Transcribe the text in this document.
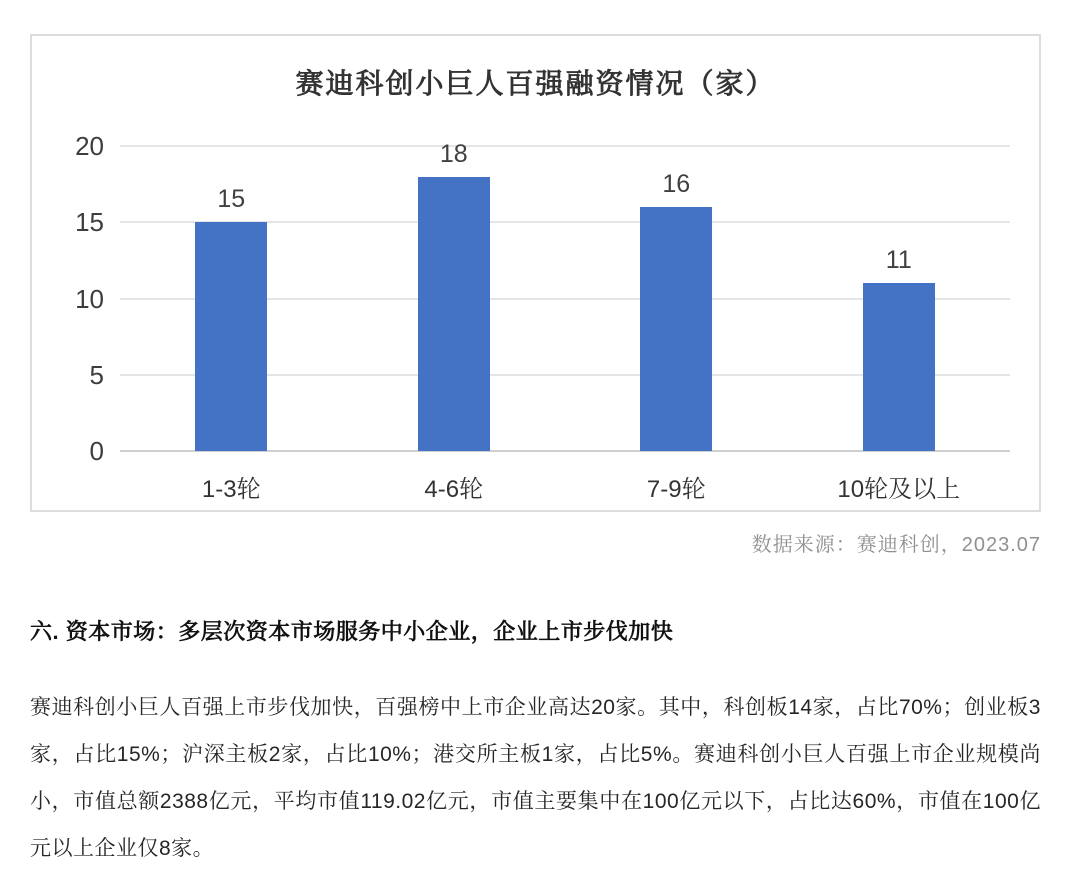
赛迪科创小巨人百强融资情况（家）
0
5
10
15
20
15
1-3轮
18
4-6轮
16
7-9轮
11
10轮及以上
数据来源：赛迪科创，2023.07
六. 资本市场：多层次资本市场服务中小企业，企业上市步伐加快

赛迪科创小巨人百强上市步伐加快，百强榜中上市企业高达20家。其中，科创板14家，占比70%；创业板3家，占比15%；沪深主板2家，占比10%；港交所主板1家，占比5%。赛迪科创小巨人百强上市企业规模尚小，市值总额2388亿元，平均市值119.02亿元，市值主要集中在100亿元以下，占比达60%，市值在100亿元以上企业仅8家。
